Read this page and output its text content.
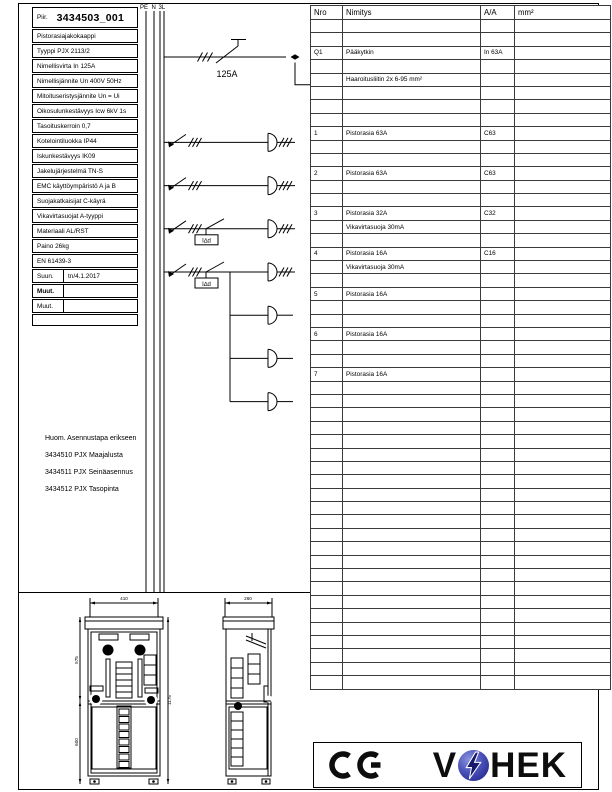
PE N 3L
125A
I∆d
I∆d
410
575
600
1175
260
Piir. 3434503_001
Pistorasiajakokaappi
Tyyppi PJX 2113/2
Nimellisvirta In 125A
Nimellisjännite Un 400V 50Hz
Mitoituseristysjännite Un = Ui
Oikosulunkestävyys Icw 6kV 1s
Tasoituskerroin 0,7
Kotelointiluokka IP44
Iskunkestävyys IK09
Jakelujärjestelmä TN-S
EMC käyttöympäristö A ja B
Suojakatkaisijat C-käyrä
Vikavirtasuojat A-tyyppi
Materiaali AL/RST
Paino 26kg
EN 61439-3
Suun.	tn/4.1.2017
Muut.
Muut.
Nro	Nimitys	A/A	mm²

Q1	Pääkytkin	In 63A	

	Haaroitusliitin 2x 6-95 mm²		

1	Pistorasia 63A	C63	

2	Pistorasia 63A	C63	

3	Pistorasia 32A	C32	
	Vikavirtasuoja 30mA		

4	Pistorasia 16A	C16	
	Vikavirtasuoja 30mA		

5	Pistorasia 16A		

6	Pistorasia 16A		

7	Pistorasia 16A		

Huom. Asennustapa erikseen
3434510 PJX Maajalusta
3434511 PJX Seinäasennus
3434512 PJX Tasopinta
V HEK
